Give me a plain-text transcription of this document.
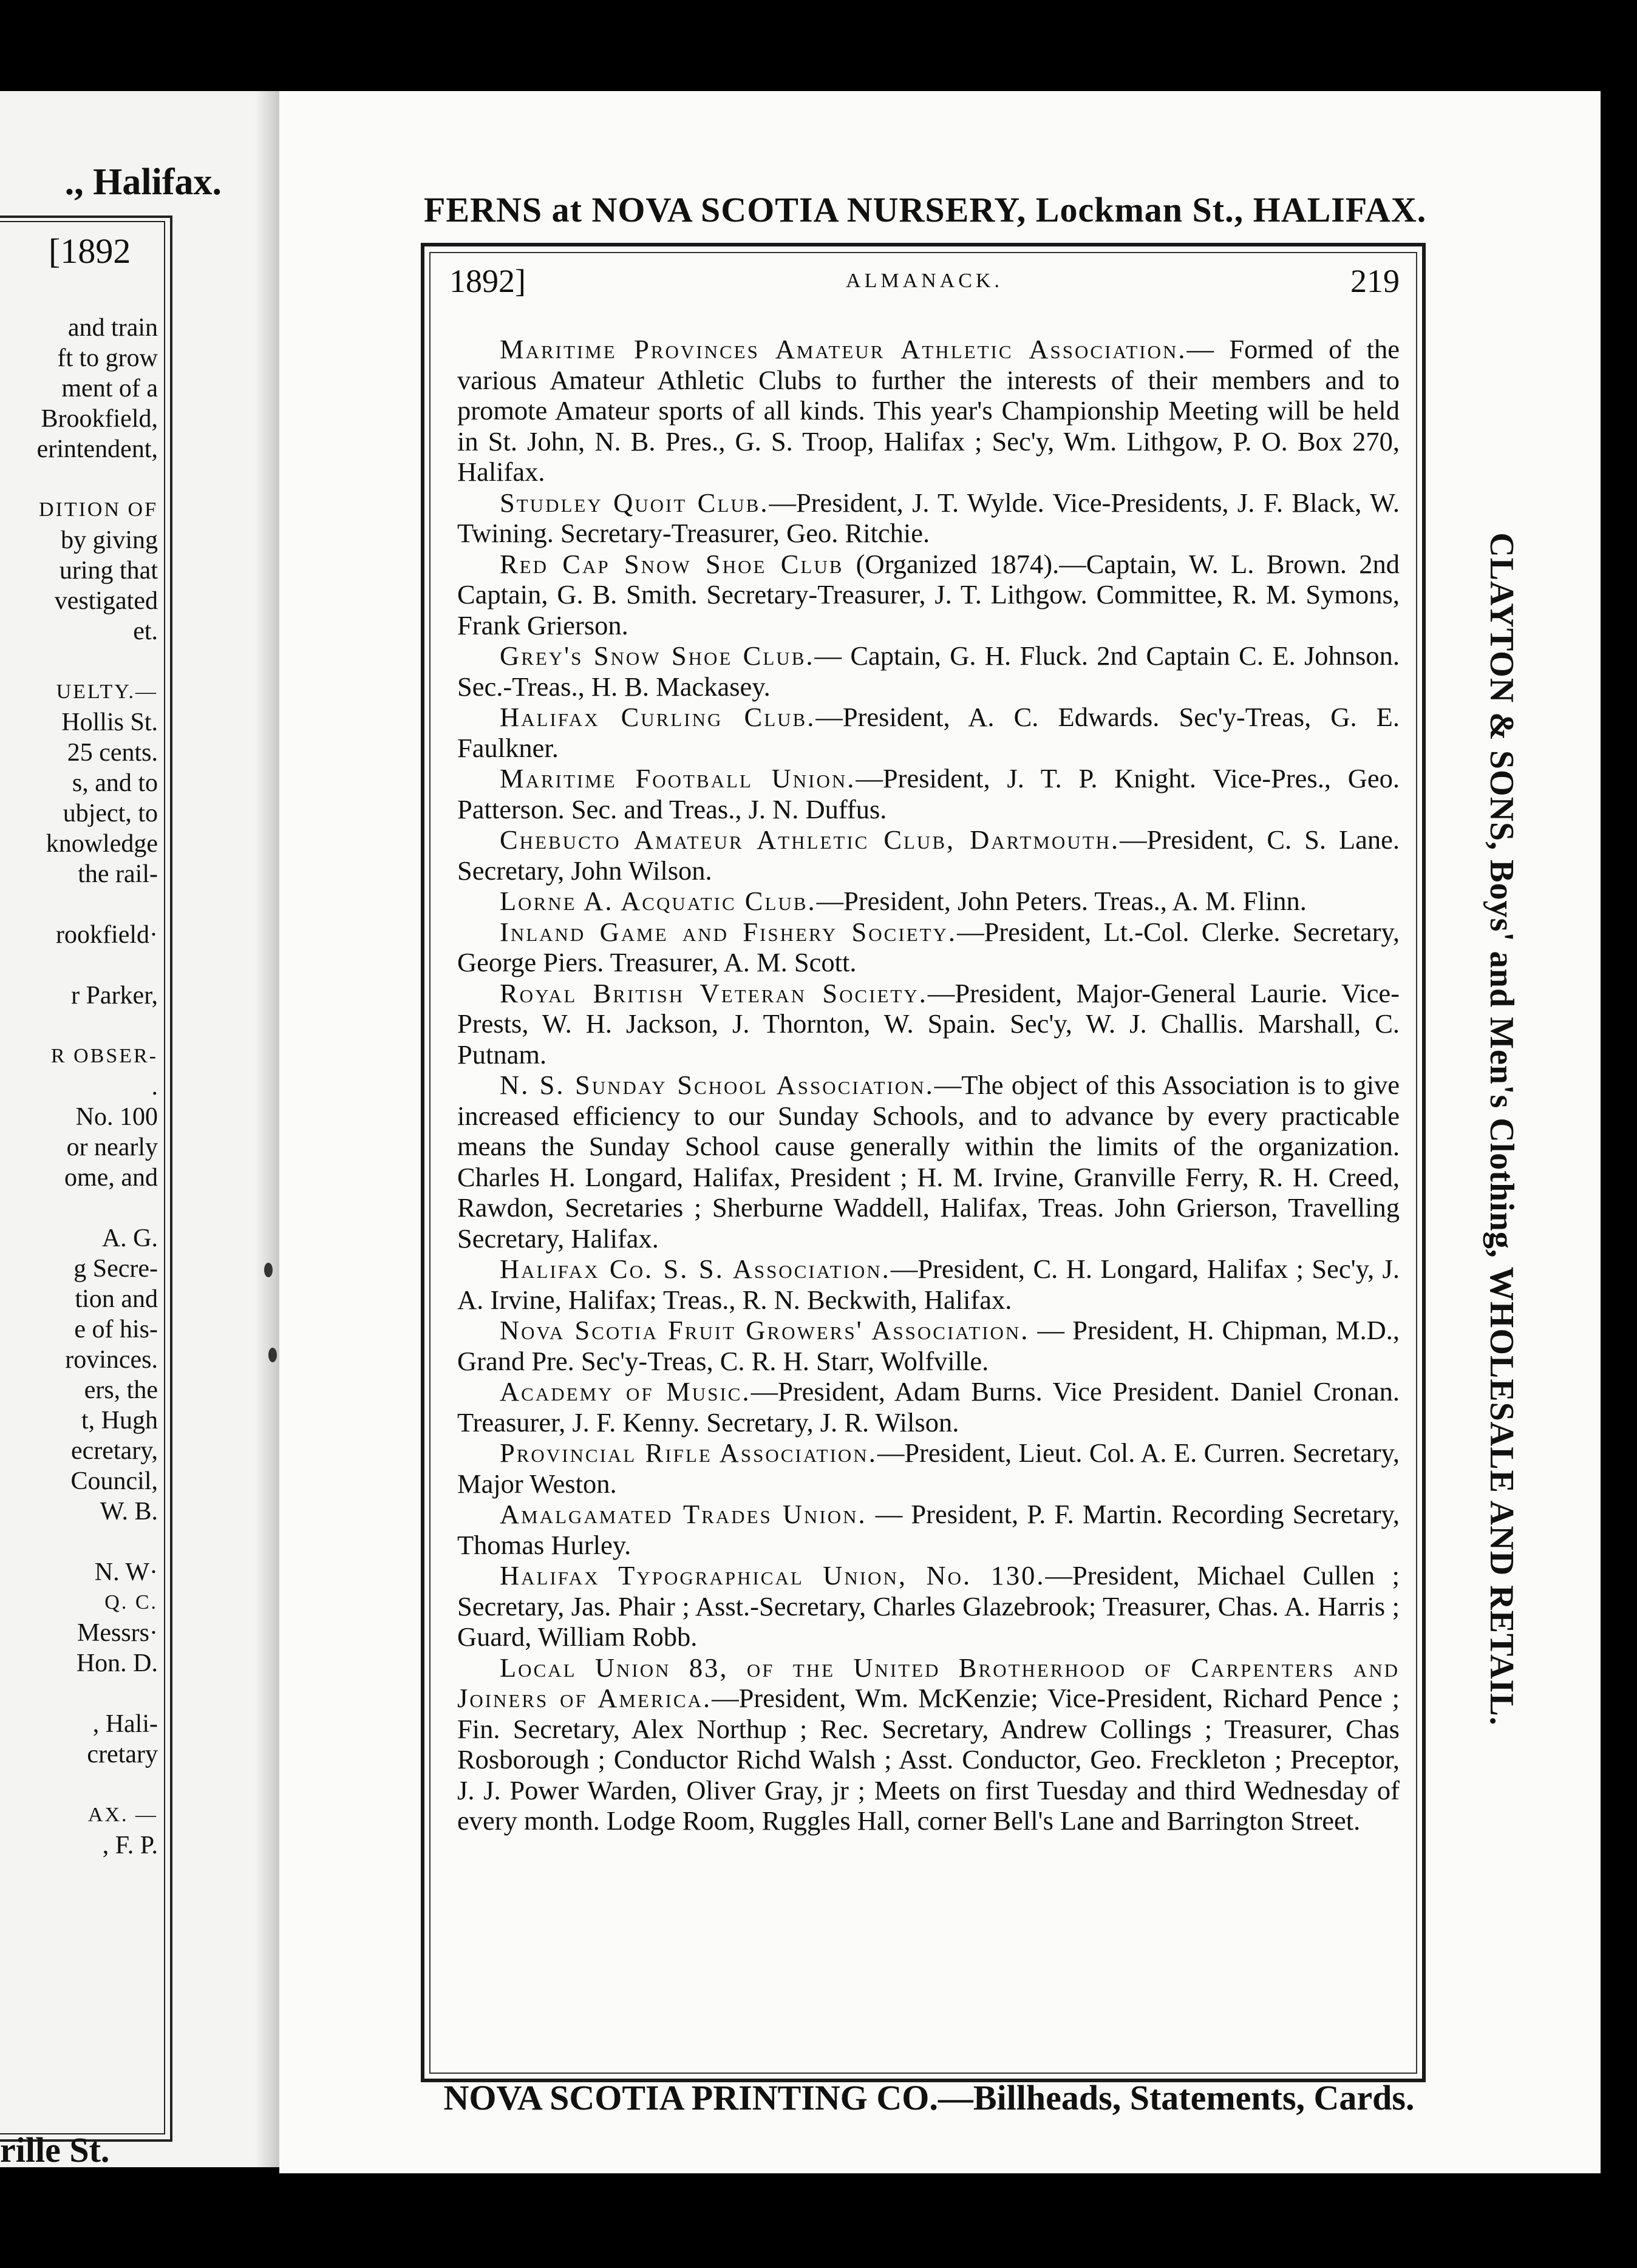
., Halifax.
[1892
and train
ft to grow
ment of a
Brookfield,
erintendent,
DITION OF
by giving
uring that
vestigated
et.
UELTY.—
Hollis St.
25 cents.
s, and to
ubject, to
knowledge
the rail-
rookfield·
r Parker,
R OBSER-
.
No. 100
or nearly
ome, and
A. G.
g Secre-
tion and
e of his-
rovinces.
ers, the
t, Hugh
ecretary,
Council,
W. B.
N. W·
Q. C.
Messrs·
Hon. D.
, Hali-
cretary
AX. —
, F. P.
rille St.
FERNS at NOVA SCOTIA NURSERY, Lockman St., HALIFAX.
1892]	ALMANACK.	219

Maritime Provinces Amateur Athletic Association.— Formed of the various Amateur Athletic Clubs to further the interests of their members and to promote Amateur sports of all kinds. This year's Championship Meeting will be held in St. John, N. B. Pres., G. S. Troop, Halifax ; Sec'y, Wm. Lithgow, P. O. Box 270, Halifax.

Studley Quoit Club.—President, J. T. Wylde. Vice-Presidents, J. F. Black, W. Twining. Secretary-Treasurer, Geo. Ritchie.

Red Cap Snow Shoe Club (Organized 1874).—Captain, W. L. Brown. 2nd Captain, G. B. Smith. Secretary-Treasurer, J. T. Lithgow. Committee, R. M. Symons, Frank Grierson.

Grey's Snow Shoe Club.— Captain, G. H. Fluck. 2nd Captain C. E. Johnson. Sec.-Treas., H. B. Mackasey.

Halifax Curling Club.—President, A. C. Edwards. Sec'y-Treas, G. E. Faulkner.

Maritime Football Union.—President, J. T. P. Knight. Vice-Pres., Geo. Patterson. Sec. and Treas., J. N. Duffus.

Chebucto Amateur Athletic Club, Dartmouth.—President, C. S. Lane. Secretary, John Wilson.

Lorne A. Acquatic Club.—President, John Peters. Treas., A. M. Flinn.

Inland Game and Fishery Society.—President, Lt.-Col. Clerke. Secretary, George Piers. Treasurer, A. M. Scott.

Royal British Veteran Society.—President, Major-General Laurie. Vice-Prests, W. H. Jackson, J. Thornton, W. Spain. Sec'y, W. J. Challis. Marshall, C. Putnam.

N. S. Sunday School Association.—The object of this Association is to give increased efficiency to our Sunday Schools, and to advance by every practicable means the Sunday School cause generally within the limits of the organization. Charles H. Longard, Halifax, President ; H. M. Irvine, Granville Ferry, R. H. Creed, Rawdon, Secretaries ; Sherburne Waddell, Halifax, Treas. John Grierson, Travelling Secretary, Halifax.

Halifax Co. S. S. Association.—President, C. H. Longard, Halifax ; Sec'y, J. A. Irvine, Halifax; Treas., R. N. Beckwith, Halifax.

Nova Scotia Fruit Growers' Association. — President, H. Chipman, M.D., Grand Pre. Sec'y-Treas, C. R. H. Starr, Wolfville.

Academy of Music.—President, Adam Burns. Vice President. Daniel Cronan. Treasurer, J. F. Kenny. Secretary, J. R. Wilson.

Provincial Rifle Association.—President, Lieut. Col. A. E. Curren. Secretary, Major Weston.

Amalgamated Trades Union. — President, P. F. Martin. Recording Secretary, Thomas Hurley.

Halifax Typographical Union, No. 130.—President, Michael Cullen ; Secretary, Jas. Phair ; Asst.-Secretary, Charles Glazebrook; Treasurer, Chas. A. Harris ; Guard, William Robb.

Local Union 83, of the United Brotherhood of Carpenters and Joiners of America.—President, Wm. McKenzie; Vice-President, Richard Pence ; Fin. Secretary, Alex Northup ; Rec. Secretary, Andrew Collings ; Treasurer, Chas Rosborough ; Conductor Richd Walsh ; Asst. Conductor, Geo. Freckleton ; Preceptor, J. J. Power Warden, Oliver Gray, jr ; Meets on first Tuesday and third Wednesday of every month. Lodge Room, Ruggles Hall, corner Bell's Lane and Barrington Street.

CLAYTON & SONS, Boys' and Men's Clothing, WHOLESALE AND RETAIL.
NOVA SCOTIA PRINTING CO.—Billheads, Statements, Cards.
